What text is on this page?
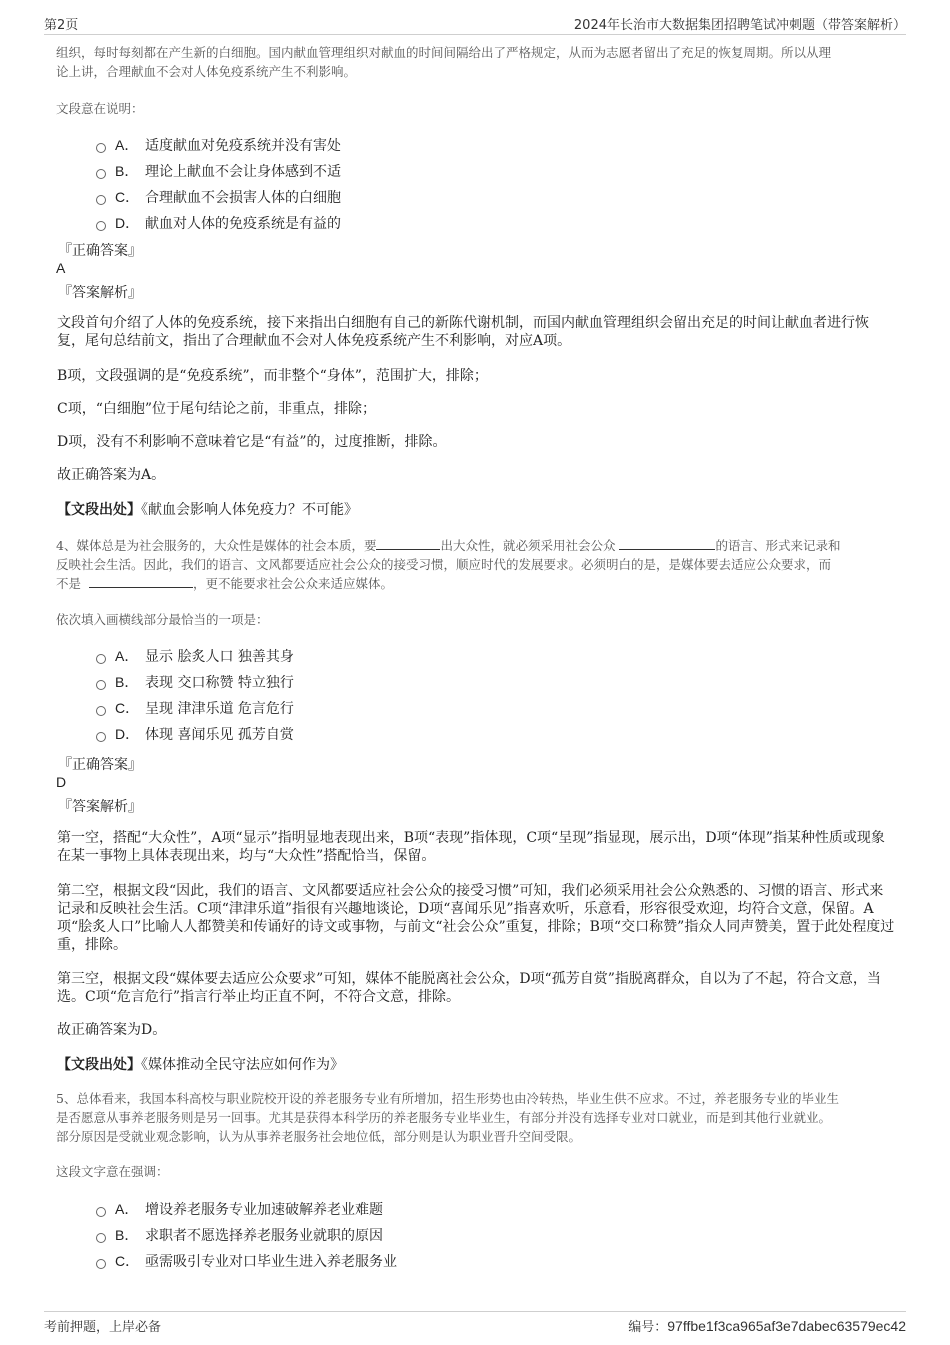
第2页	2024年长治市大数据集团招聘笔试冲刺题（带答案解析）
组织，每时每刻都在产生新的白细胞。国内献血管理组织对献血的时间间隔给出了严格规定，从而为志愿者留出了充足的恢复周期。所以从理
论上讲，合理献血不会对人体免疫系统产生不利影响。
文段意在说明：
A． 适度献血对免疫系统并没有害处
B． 理论上献血不会让身体感到不适
C． 合理献血不会损害人体的白细胞
D． 献血对人体的免疫系统是有益的
『正确答案』
A
『答案解析』
文段首句介绍了人体的免疫系统，接下来指出白细胞有自己的新陈代谢机制，而国内献血管理组织会留出充足的时间让献血者进行恢复，尾句总结前文，指出了合理献血不会对人体免疫系统产生不利影响，对应A项。
B项，文段强调的是“免疫系统”，而非整个“身体”，范围扩大，排除；
C项，“白细胞”位于尾句结论之前，非重点，排除；
D项，没有不利影响不意味着它是“有益”的，过度推断，排除。
故正确答案为A。
【文段出处】《献血会影响人体免疫力？不可能》
4、媒体总是为社会服务的，大众性是媒体的社会本质，要	出大众性，就必须采用社会公众	的语言、形式来记录和
反映社会生活。因此，我们的语言、文风都要适应社会公众的接受习惯，顺应时代的发展要求。必须明白的是，是媒体要去适应公众要求，而
不是	，更不能要求社会公众来适应媒体。
依次填入画横线部分最恰当的一项是：
A． 显示 脍炙人口 独善其身
B． 表现 交口称赞 特立独行
C． 呈现 津津乐道 危言危行
D． 体现 喜闻乐见 孤芳自赏
『正确答案』
D
『答案解析』
第一空，搭配“大众性”，A项“显示”指明显地表现出来，B项“表现”指体现，C项“呈现”指显现，展示出，D项“体现”指某种性质或现象在某一事物上具体表现出来，均与“大众性”搭配恰当，保留。
第二空，根据文段“因此，我们的语言、文风都要适应社会公众的接受习惯”可知，我们必须采用社会公众熟悉的、习惯的语言、形式来记录和反映社会生活。C项“津津乐道”指很有兴趣地谈论，D项“喜闻乐见”指喜欢听，乐意看，形容很受欢迎，均符合文意，保留。A项“脍炙人口”比喻人人都赞美和传诵好的诗文或事物，与前文“社会公众”重复，排除；B项“交口称赞”指众人同声赞美，置于此处程度过重，排除。
第三空，根据文段“媒体要去适应公众要求”可知，媒体不能脱离社会公众，D项“孤芳自赏”指脱离群众，自以为了不起，符合文意，当选。C项“危言危行”指言行举止均正直不阿，不符合文意，排除。
故正确答案为D。
【文段出处】《媒体推动全民守法应如何作为》
5、总体看来，我国本科高校与职业院校开设的养老服务专业有所增加，招生形势也由冷转热，毕业生供不应求。不过，养老服务专业的毕业生
是否愿意从事养老服务则是另一回事。尤其是获得本科学历的养老服务专业毕业生，有部分并没有选择专业对口就业，而是到其他行业就业。
部分原因是受就业观念影响，认为从事养老服务社会地位低，部分则是认为职业晋升空间受限。
这段文字意在强调：
A． 增设养老服务专业加速破解养老业难题
B． 求职者不愿选择养老服务业就职的原因
C． 亟需吸引专业对口毕业生进入养老服务业
考前押题，上岸必备	编号：97ffbe1f3ca965af3e7dabec63579ec42
